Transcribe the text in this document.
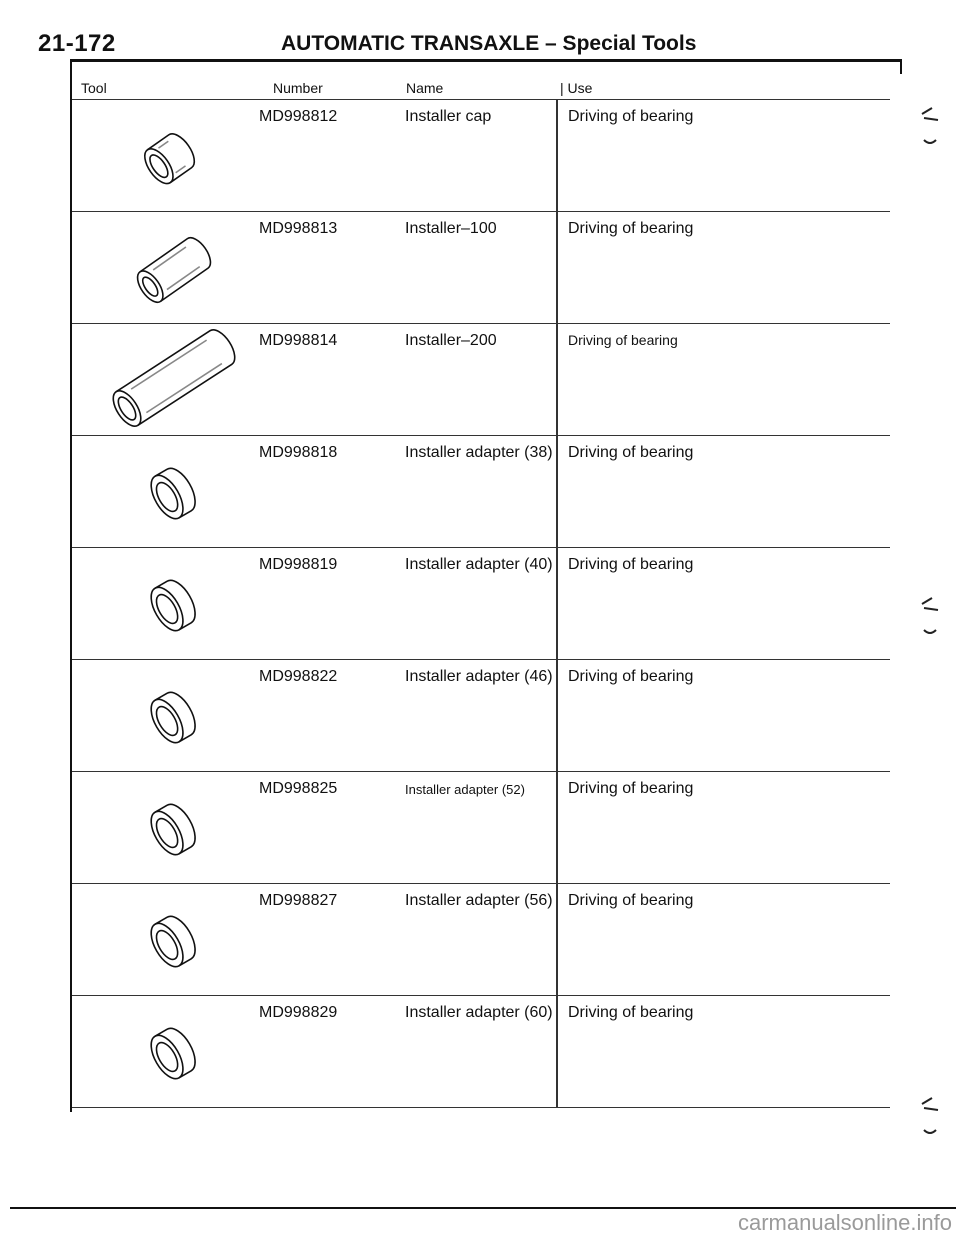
21-172	AUTOMATIC TRANSAXLE – Special Tools
Tool	Number	Name
|	Use
MD998812	Installer cap	Driving of bearing
MD998813	Installer–100	Driving of bearing
MD998814	Installer–200	Driving of bearing
MD998818	Installer adapter (38) Driving of bearing
MD998819	Installer adapter (40) Driving of bearing
MD998822	Installer adapter (46) Driving of bearing
MD998825	Installer adapter (52)	Driving of bearing
MD998827	Installer adapter (56) Driving of bearing
MD998829	Installer adapter (60) Driving of bearing
carmanualsonline.info
